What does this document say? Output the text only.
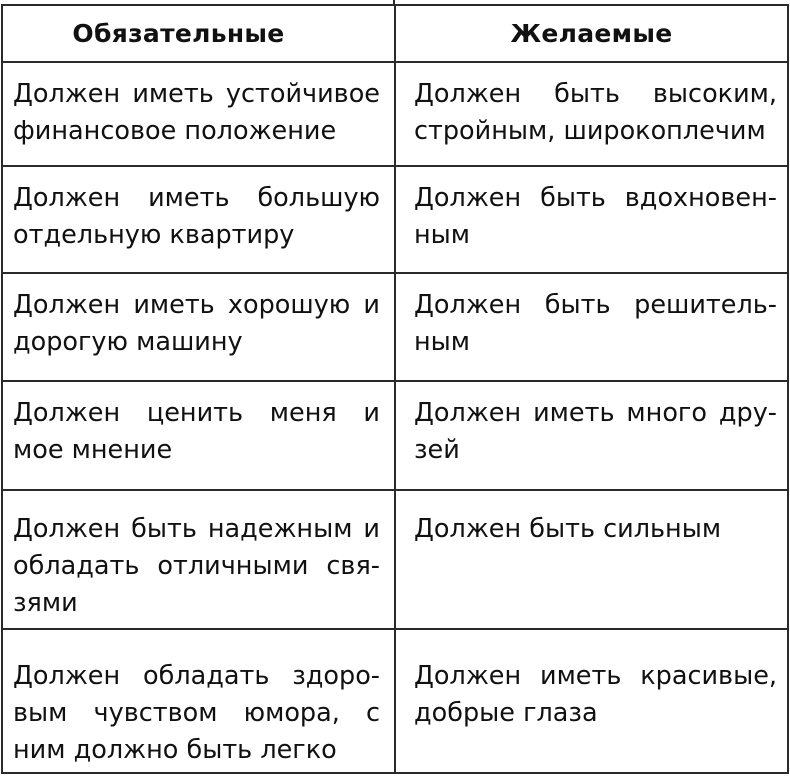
Обязательные	Желаемые

Должен иметь устойчивое финансовое положение	Должен быть высоким, стройным, широкоплечим

Должен иметь большую отдельную квартиру	Должен быть вдохновенным

Должен иметь хорошую и дорогую машину	Должен быть решительным

Должен ценить меня и мое мнение	Должен иметь много друзей

Должен быть надежным и обладать отличными связями	Должен быть сильным

Должен обладать здоровым чувством юмора, с ним должно быть легко	Должен иметь красивые, добрые глаза
